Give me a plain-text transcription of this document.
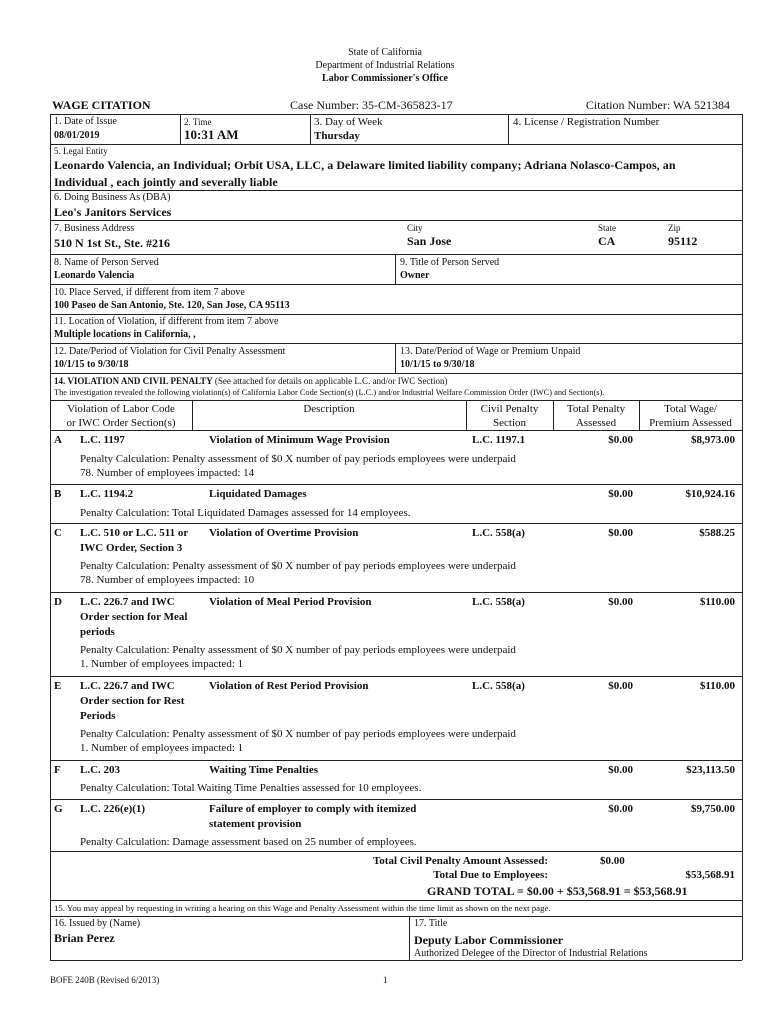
State of California
Department of Industrial Relations
Labor Commissioner's Office
WAGE CITATION	Case Number: 35-CM-365823-17	Citation Number: WA 521384
1. Date of Issue
08/01/2019
2. Time
10:31 AM
3. Day of Week
Thursday
4. License / Registration Number
5. Legal Entity
Leonardo Valencia, an Individual; Orbit USA, LLC, a Delaware limited liability company; Adriana Nolasco-Campos, an
Individual , each jointly and severally liable
6. Doing Business As (DBA)
Leo's Janitors Services
7. Business Address
510 N 1st St., Ste. #216
City
San Jose
State
CA
Zip
95112
8. Name of Person Served
Leonardo Valencia
9. Title of Person Served
Owner
10. Place Served, if different from item 7 above
100 Paseo de San Antonio, Ste. 120, San Jose, CA 95113
11. Location of Violation, if different from item 7 above
Multiple locations in California, ,
12. Date/Period of Violation for Civil Penalty Assessment
10/1/15 to 9/30/18
13. Date/Period of Wage or Premium Unpaid
10/1/15 to 9/30/18
14. VIOLATION AND CIVIL PENALTY (See attached for details on applicable L.C. and/or IWC Section)
The investigation revealed the following violation(s) of California Labor Code Section(s) (L.C.) and/or Industrial Welfare Commission Order (IWC) and Section(s).
Violation of Labor Code
or IWC Order Section(s)
Description	Civil Penalty
Section
Total Penalty
Assessed
Total Wage/
Premium Assessed
A L.C. 1197	Violation of Minimum Wage Provision	L.C. 1197.1	$0.00	$8,973.00
Penalty Calculation: Penalty assessment of $0 X number of pay periods employees were underpaid
78. Number of employees impacted: 14
B L.C. 1194.2	Liquidated Damages	$0.00	$10,924.16
Penalty Calculation: Total Liquidated Damages assessed for 14 employees.
C L.C. 510 or L.C. 511 or
IWC Order, Section 3
Violation of Overtime Provision	L.C. 558(a)	$0.00	$588.25
Penalty Calculation: Penalty assessment of $0 X number of pay periods employees were underpaid
78. Number of employees impacted: 10
D L.C. 226.7 and IWC
Order section for Meal
periods
Violation of Meal Period Provision	L.C. 558(a)	$0.00	$110.00
Penalty Calculation: Penalty assessment of $0 X number of pay periods employees were underpaid
1. Number of employees impacted: 1
E L.C. 226.7 and IWC
Order section for Rest
Periods
Violation of Rest Period Provision	L.C. 558(a)	$0.00	$110.00
Penalty Calculation: Penalty assessment of $0 X number of pay periods employees were underpaid
1. Number of employees impacted: 1
F L.C. 203	Waiting Time Penalties	$0.00	$23,113.50
Penalty Calculation: Total Waiting Time Penalties assessed for 10 employees.
G L.C. 226(e)(1)	Failure of employer to comply with itemized
statement provision
$0.00	$9,750.00
Penalty Calculation: Damage assessment based on 25 number of employees.
Total Civil Penalty Amount Assessed:	$0.00
Total Due to Employees:	$53,568.91
GRAND TOTAL = $0.00 + $53,568.91 = $53,568.91
15. You may appeal by requesting in writing a hearing on this Wage and Penalty Assessment within the time limit as shown on the next page.
16. Issued by (Name)
Brian Perez
17. Title
Deputy Labor Commissioner
Authorized Delegee of the Director of Industrial Relations
BOFE 240B (Revised 6/2013)	1
